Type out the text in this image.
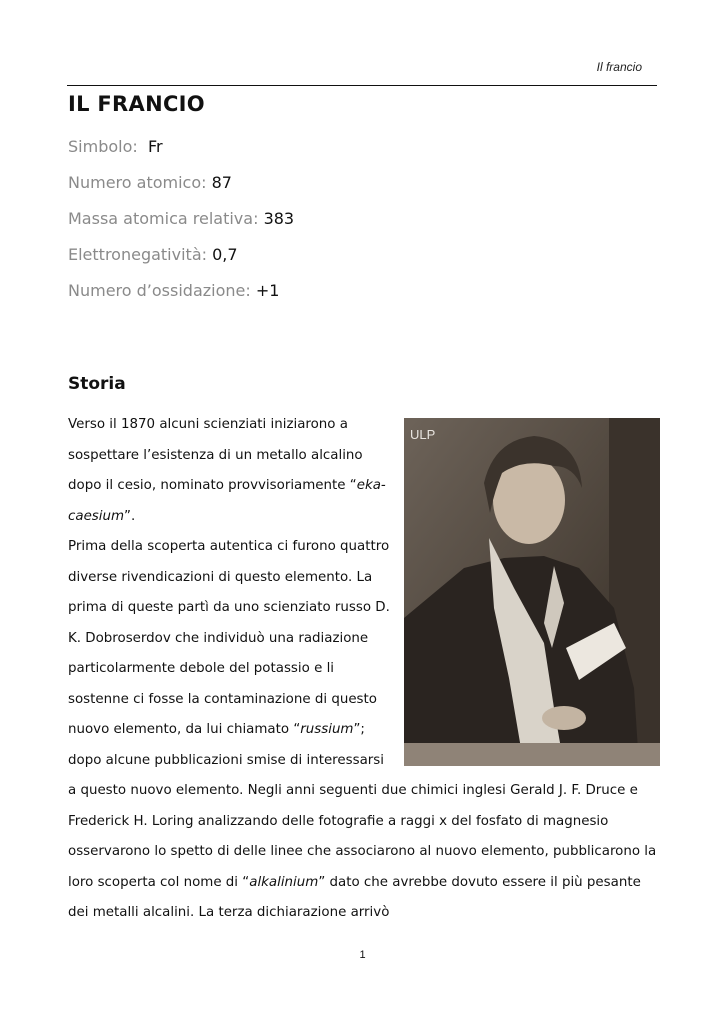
Il francio
IL FRANCIO
Simbolo: Fr
Numero atomico: 87
Massa atomica relativa: 383
Elettronegatività: 0,7
Numero d’ossidazione: +1
Storia
ULP

Verso il 1870 alcuni scienziati iniziarono a sospettare l’esistenza di un metallo alcalino dopo il cesio, nominato provvisoriamente “eka-caesium”.

Prima della scoperta autentica ci furono quattro diverse rivendicazioni di questo elemento. La prima di queste partì da uno scienziato russo D. K. Dobroserdov che individuò una radiazione particolarmente debole del potassio e li sostenne ci fosse la contaminazione di questo nuovo elemento, da lui chiamato “russium”; dopo alcune pubblicazioni smise di interessarsi a questo nuovo elemento. Negli anni seguenti due chimici inglesi Gerald J. F. Druce e Frederick H. Loring analizzando delle fotografie a raggi x del fosfato di magnesio osservarono lo spetto di delle linee che associarono al nuovo elemento, pubblicarono la loro scoperta col nome di “alkalinium” dato che avrebbe dovuto essere il più pesante dei metalli alcalini. La terza dichiarazione arrivò

1
